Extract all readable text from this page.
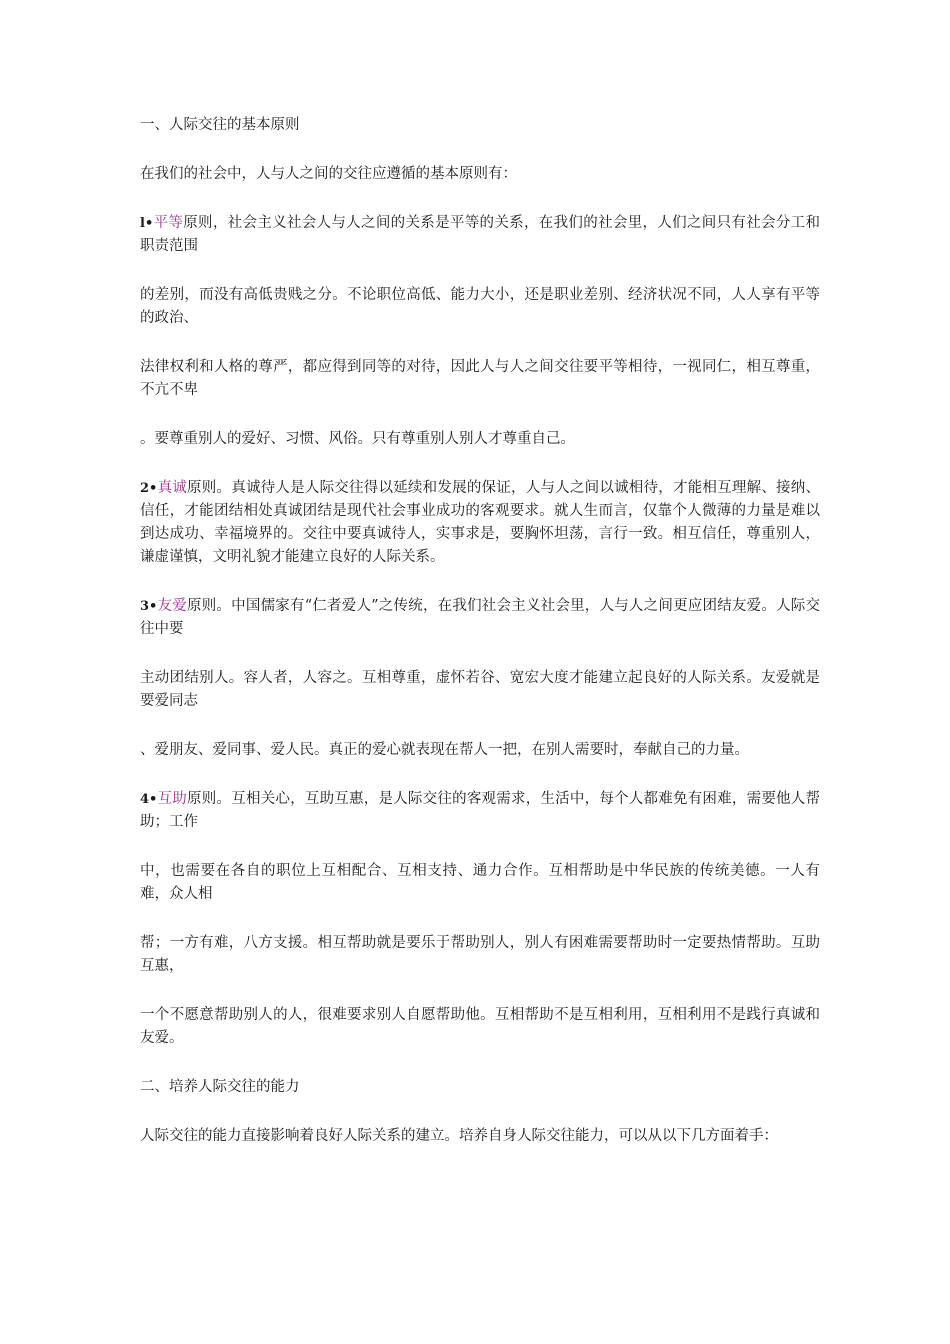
一、人际交往的基本原则

在我们的社会中，人与人之间的交往应遵循的基本原则有：

l•平等原则，社会主义社会人与人之间的关系是平等的关系，在我们的社会里，人们之间只有社会分工和职责范围

的差别，而没有高低贵贱之分。不论职位高低、能力大小，还是职业差别、经济状况不同，人人享有平等的政治、

法律权利和人格的尊严，都应得到同等的对待，因此人与人之间交往要平等相待，一视同仁，相互尊重，不亢不卑

。要尊重别人的爱好、习惯、风俗。只有尊重别人别人才尊重自己。

2•真诚原则。真诚待人是人际交往得以延续和发展的保证，人与人之间以诚相待，才能相互理解、接纳、信任，才能团结相处真诚团结是现代社会事业成功的客观要求。就人生而言，仅靠个人微薄的力量是难以到达成功、幸福境界的。交往中要真诚待人，实事求是，要胸怀坦荡，言行一致。相互信任，尊重别人，谦虚谨慎，文明礼貌才能建立良好的人际关系。

3•友爱原则。中国儒家有“仁者爱人”之传统，在我们社会主义社会里，人与人之间更应团结友爱。人际交往中要

主动团结别人。容人者，人容之。互相尊重，虚怀若谷、宽宏大度才能建立起良好的人际关系。友爱就是要爱同志

、爱朋友、爱同事、爱人民。真正的爱心就表现在帮人一把，在别人需要时，奉献自己的力量。

4•互助原则。互相关心，互助互惠，是人际交往的客观需求，生活中，每个人都难免有困难，需要他人帮助；工作

中，也需要在各自的职位上互相配合、互相支持、通力合作。互相帮助是中华民族的传统美德。一人有难，众人相

帮；一方有难，八方支援。相互帮助就是要乐于帮助别人，别人有困难需要帮助时一定要热情帮助。互助互惠，

一个不愿意帮助别人的人，很难要求别人自愿帮助他。互相帮助不是互相利用，互相利用不是践行真诚和友爱。

二、培养人际交往的能力

人际交往的能力直接影响着良好人际关系的建立。培养自身人际交往能力，可以从以下几方面着手：
